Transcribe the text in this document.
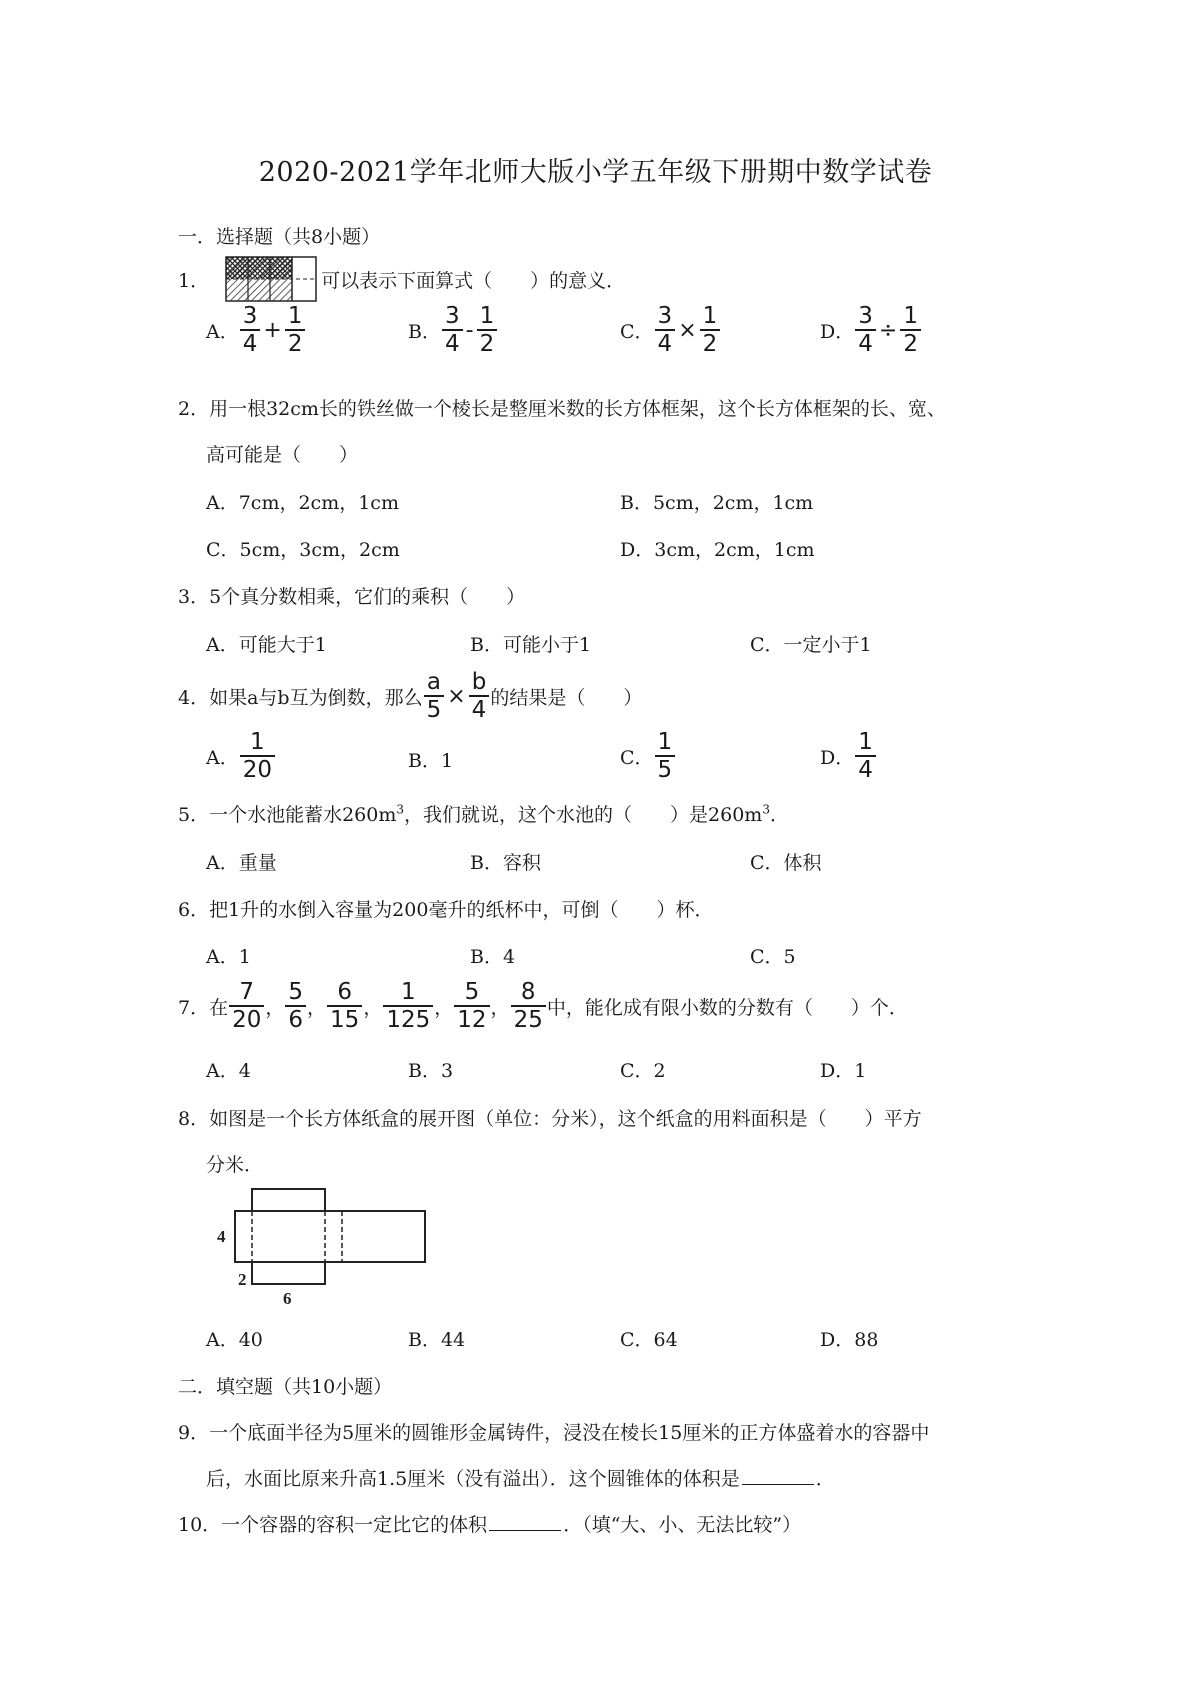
2020-2021学年北师大版小学五年级下册期中数学试卷
一．选择题（共8小题）
1．	可以表示下面算式（　　）的意义．
A． $\frac{3}{4} + \frac{1}{2}$	B． $\frac{3}{4} - \frac{1}{2}$	C． $\frac{3}{4} \times \frac{1}{2}$	D． $\frac{3}{4} \div \frac{1}{2}$
2．用一根32cm长的铁丝做一个棱长是整厘米数的长方体框架，这个长方体框架的长、宽、
高可能是（　　）
A．7cm，2cm，1cm	B．5cm，2cm，1cm
C．5cm，3cm，2cm	D．3cm，2cm，1cm
3．5个真分数相乘，它们的乘积（　　）
A．可能大于1	B．可能小于1	C．一定小于1
4．如果a与b互为倒数，那么 $\frac{a}{5} \times \frac{b}{4}$ 的结果是（　　）
A． $\frac{1}{20}$	B．1	C． $\frac{1}{5}$	D． $\frac{1}{4}$
5．一个水池能蓄水$260m^3$，我们就说，这个水池的（　　）是$260m^3$．
A．重量	B．容积	C．体积
6．把1升的水倒入容量为200毫升的纸杯中，可倒（　　）杯．
A．1	B．4	C．5
7．在 $\frac{7}{20}$ ， $\frac{5}{6}$ ， $\frac{6}{15}$ ， $\frac{1}{125}$ ， $\frac{5}{12}$ ， $\frac{8}{25}$ 中，能化成有限小数的分数有（　　）个．
A．4	B．3	C．2	D．1
8．如图是一个长方体纸盒的展开图（单位：分米），这个纸盒的用料面积是（　　）平方
分米．
4
2
6
A．40	B．44	C．64	D．88
二．填空题（共10小题）
9．一个底面半径为5厘米的圆锥形金属铸件，浸没在棱长15厘米的正方体盛着水的容器中
后，水面比原来升高1.5厘米（没有溢出）．这个圆锥体的体积是	．
10．一个容器的容积一定比它的体积	．（填“大、小、无法比较”）
